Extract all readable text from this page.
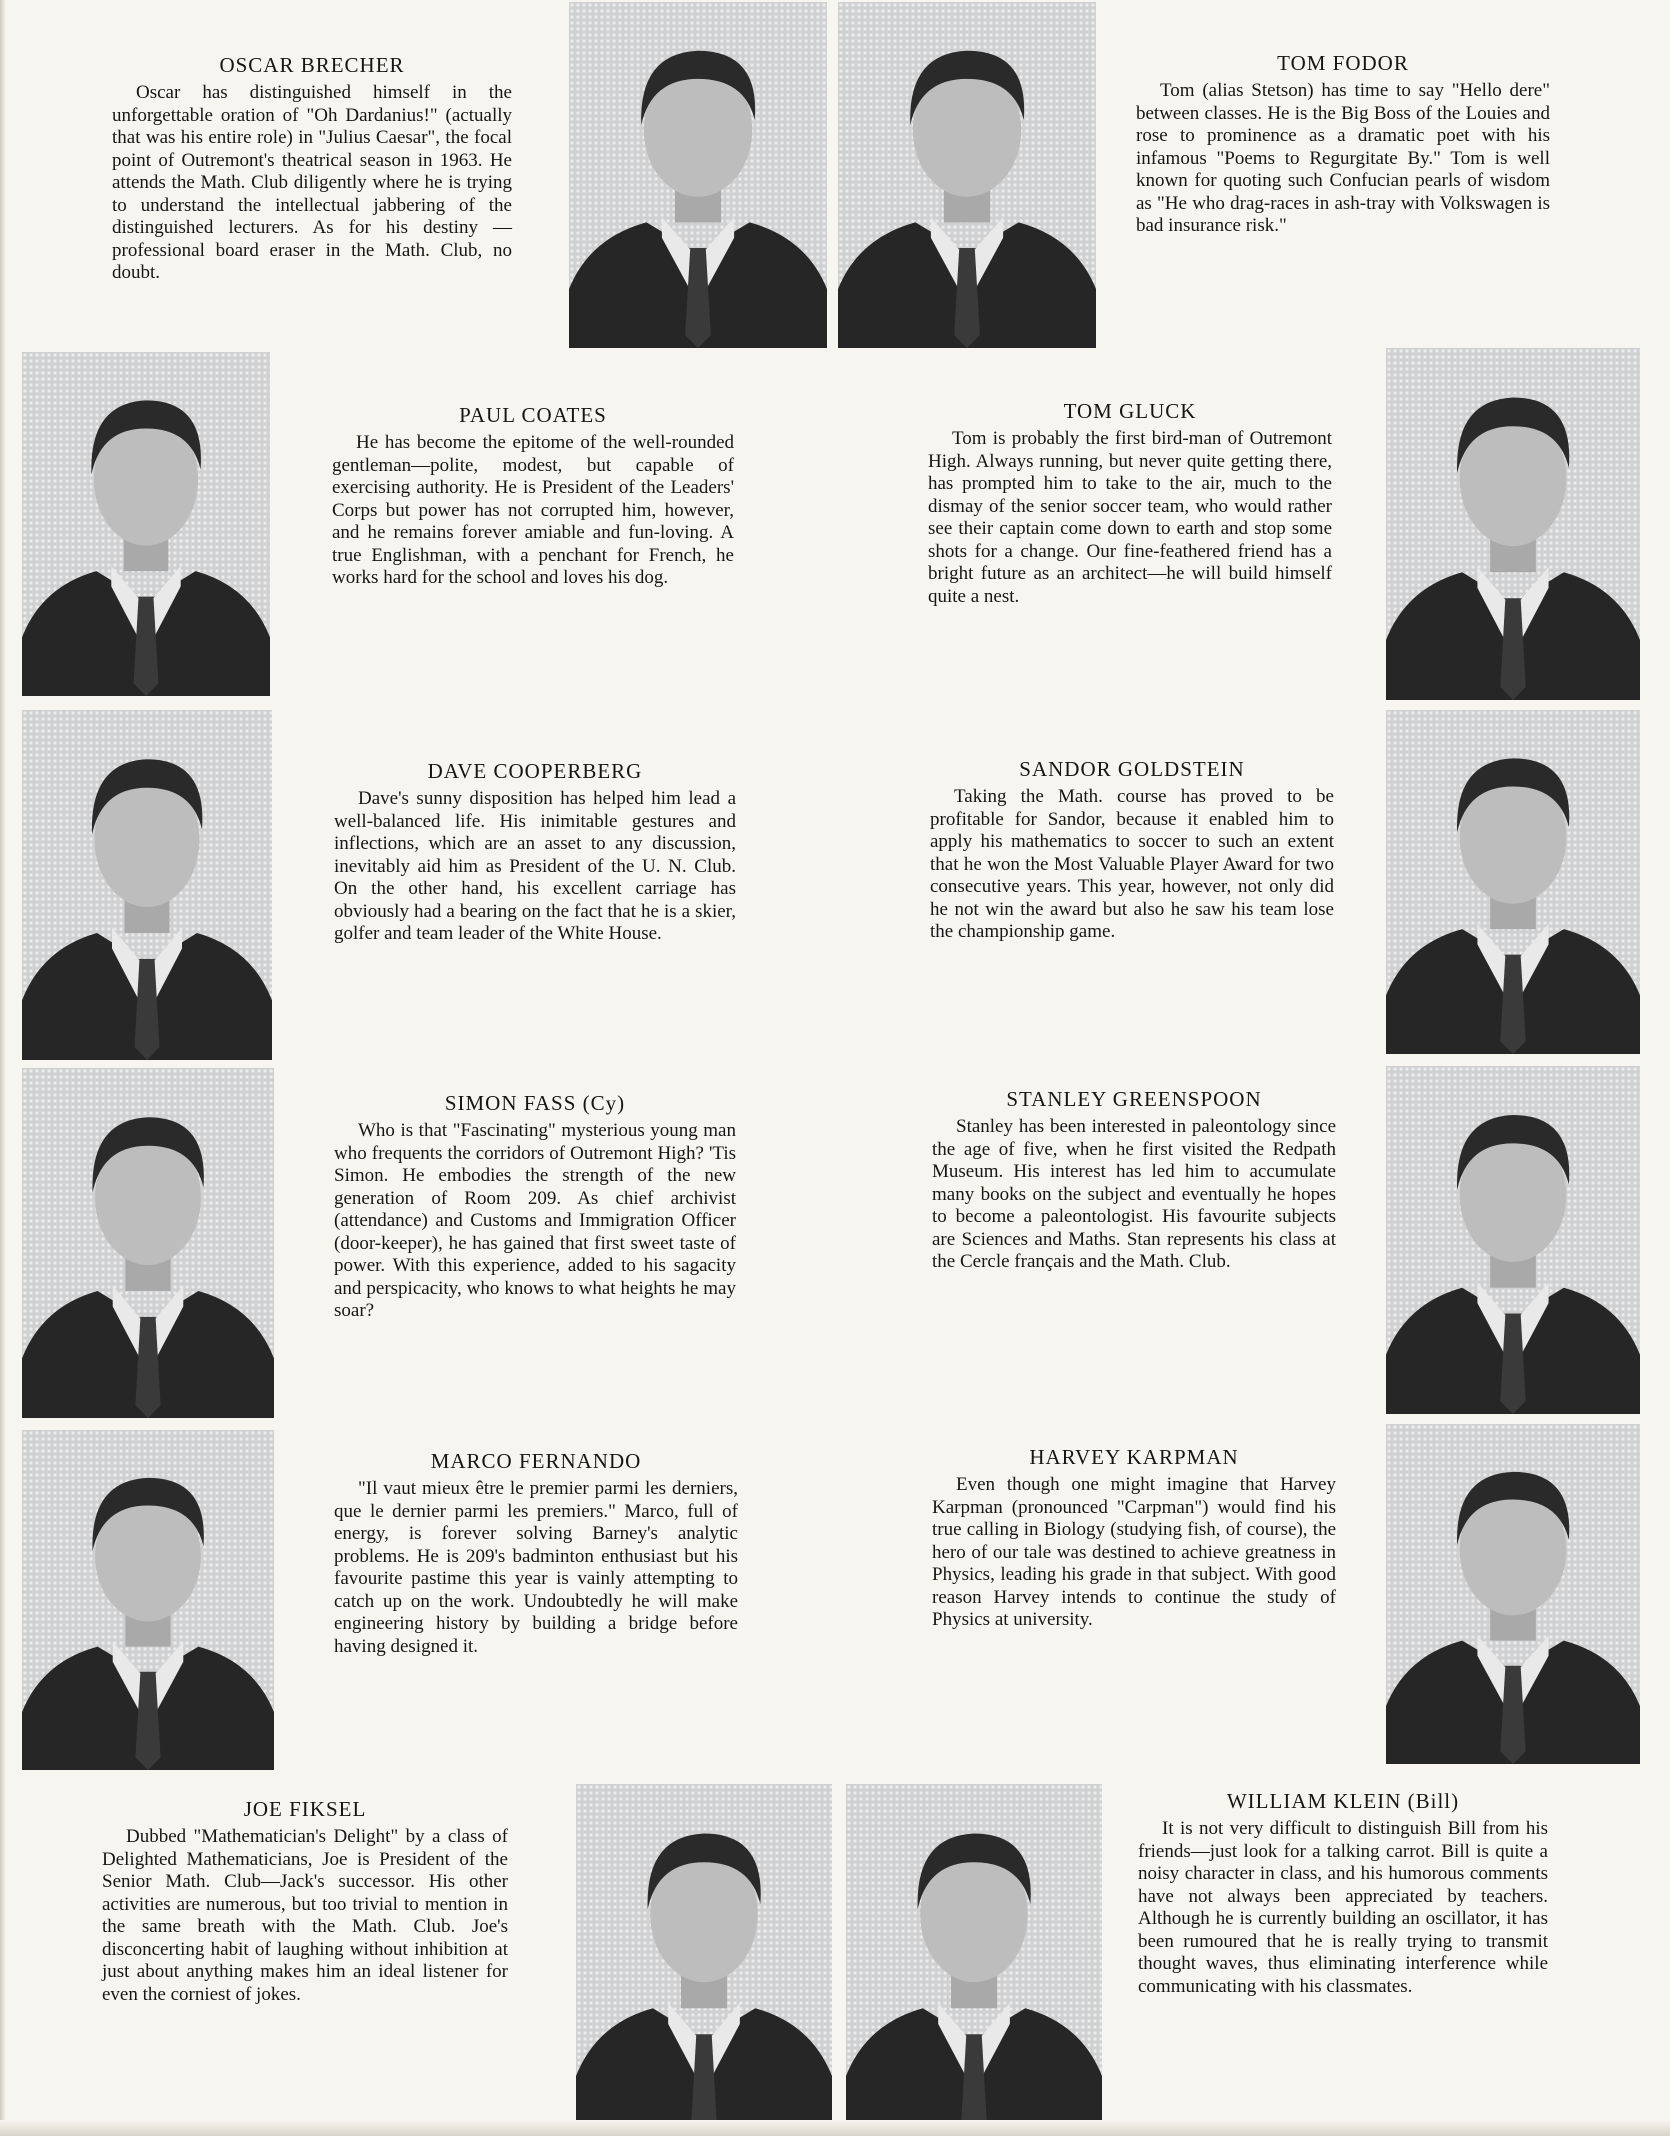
OSCAR BRECHER

Oscar has distinguished himself in the unforgettable oration of "Oh Dardanius!" (actually that was his entire role) in "Julius Caesar", the focal point of Outremont's theatrical season in 1963. He attends the Math. Club diligently where he is trying to understand the intellectual jabbering of the distinguished lecturers. As for his destiny —professional board eraser in the Math. Club, no doubt.

TOM FODOR

Tom (alias Stetson) has time to say "Hello dere" between classes. He is the Big Boss of the Louies and rose to prominence as a dramatic poet with his infamous "Poems to Regurgitate By." Tom is well known for quoting such Confucian pearls of wisdom as "He who drag-races in ash-tray with Volkswagen is bad insurance risk."

PAUL COATES

He has become the epitome of the well-rounded gentleman—polite, modest, but capable of exercising authority. He is President of the Leaders' Corps but power has not corrupted him, however, and he remains forever amiable and fun-loving. A true Englishman, with a penchant for French, he works hard for the school and loves his dog.

TOM GLUCK

Tom is probably the first bird-man of Outremont High. Always running, but never quite getting there, has prompted him to take to the air, much to the dismay of the senior soccer team, who would rather see their captain come down to earth and stop some shots for a change. Our fine-feathered friend has a bright future as an architect—he will build himself quite a nest.

DAVE COOPERBERG

Dave's sunny disposition has helped him lead a well-balanced life. His inimitable gestures and inflections, which are an asset to any discussion, inevitably aid him as President of the U. N. Club. On the other hand, his excellent carriage has obviously had a bearing on the fact that he is a skier, golfer and team leader of the White House.

SANDOR GOLDSTEIN

Taking the Math. course has proved to be profitable for Sandor, because it enabled him to apply his mathematics to soccer to such an extent that he won the Most Valuable Player Award for two consecutive years. This year, however, not only did he not win the award but also he saw his team lose the championship game.

SIMON FASS (Cy)

Who is that "Fascinating" mysterious young man who frequents the corridors of Outremont High? 'Tis Simon. He embodies the strength of the new generation of Room 209. As chief archivist (attendance) and Customs and Immigration Officer (door-keeper), he has gained that first sweet taste of power. With this experience, added to his sagacity and perspicacity, who knows to what heights he may soar?

STANLEY GREENSPOON

Stanley has been interested in paleontology since the age of five, when he first visited the Redpath Museum. His interest has led him to accumulate many books on the subject and eventually he hopes to become a paleontologist. His favourite subjects are Sciences and Maths. Stan represents his class at the Cercle français and the Math. Club.

MARCO FERNANDO

"Il vaut mieux être le premier parmi les derniers, que le dernier parmi les premiers." Marco, full of energy, is forever solving Barney's analytic problems. He is 209's badminton enthusiast but his favourite pastime this year is vainly attempting to catch up on the work. Undoubtedly he will make engineering history by building a bridge before having designed it.

HARVEY KARPMAN

Even though one might imagine that Harvey Karpman (pronounced "Carpman") would find his true calling in Biology (studying fish, of course), the hero of our tale was destined to achieve greatness in Physics, leading his grade in that subject. With good reason Harvey intends to continue the study of Physics at university.

JOE FIKSEL

Dubbed "Mathematician's Delight" by a class of Delighted Mathematicians, Joe is President of the Senior Math. Club—Jack's successor. His other activities are numerous, but too trivial to mention in the same breath with the Math. Club. Joe's disconcerting habit of laughing without inhibition at just about anything makes him an ideal listener for even the corniest of jokes.

WILLIAM KLEIN (Bill)

It is not very difficult to distinguish Bill from his friends—just look for a talking carrot. Bill is quite a noisy character in class, and his humorous comments have not always been appreciated by teachers. Although he is currently building an oscillator, it has been rumoured that he is really trying to transmit thought waves, thus eliminating interference while communicating with his classmates.
